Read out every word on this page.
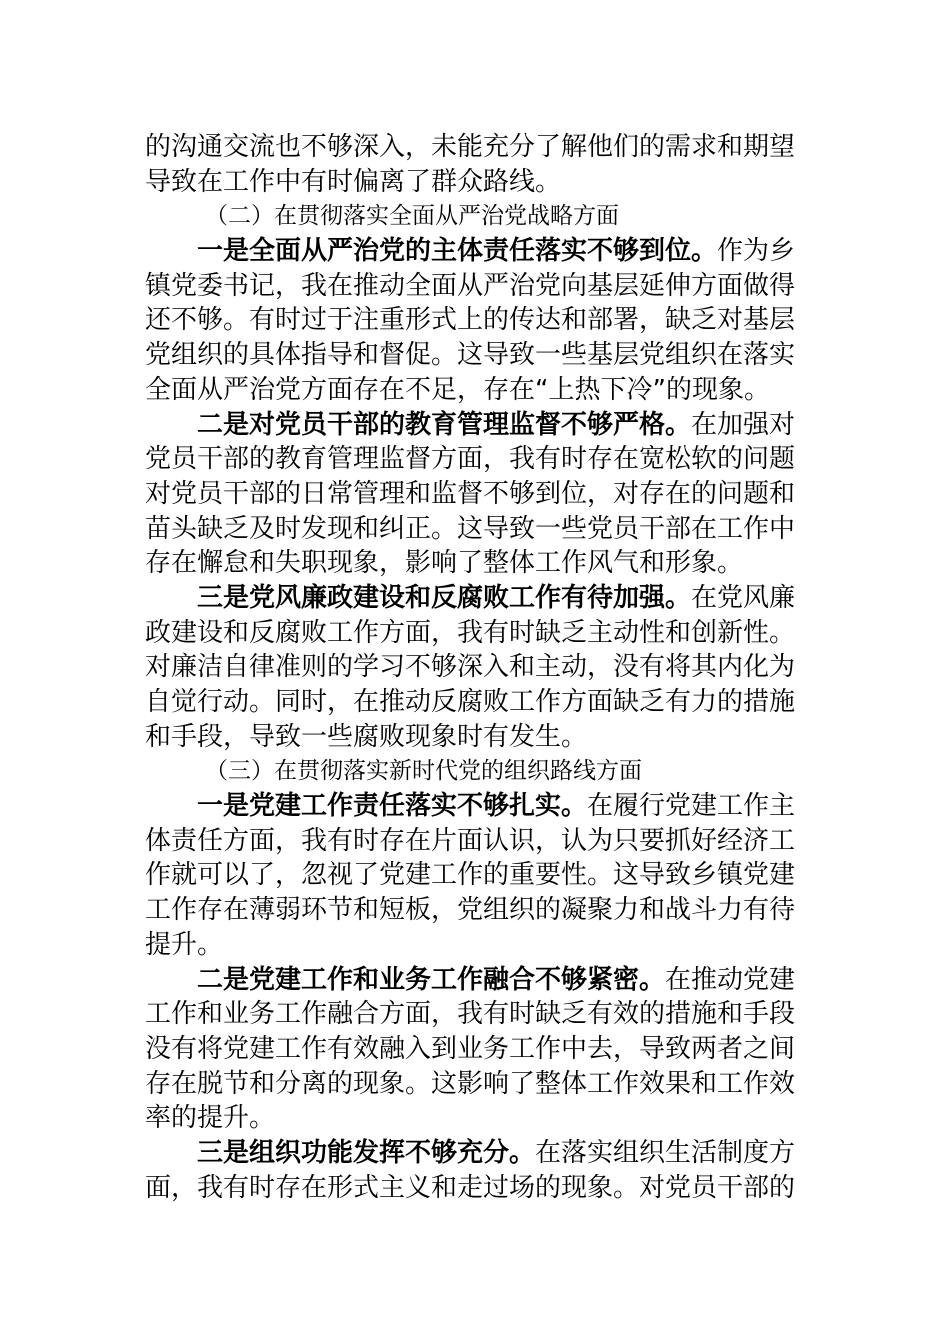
的沟通交流也不够深入，未能充分了解他们的需求和期望
导致在工作中有时偏离了群众路线。
（二）在贯彻落实全面从严治党战略方面
一是全面从严治党的主体责任落实不够到位。作为乡
镇党委书记，我在推动全面从严治党向基层延伸方面做得
还不够。有时过于注重形式上的传达和部署，缺乏对基层
党组织的具体指导和督促。这导致一些基层党组织在落实
全面从严治党方面存在不足，存在“上热下冷”的现象。
二是对党员干部的教育管理监督不够严格。在加强对
党员干部的教育管理监督方面，我有时存在宽松软的问题
对党员干部的日常管理和监督不够到位，对存在的问题和
苗头缺乏及时发现和纠正。这导致一些党员干部在工作中
存在懈怠和失职现象，影响了整体工作风气和形象。
三是党风廉政建设和反腐败工作有待加强。在党风廉
政建设和反腐败工作方面，我有时缺乏主动性和创新性。
对廉洁自律准则的学习不够深入和主动，没有将其内化为
自觉行动。同时，在推动反腐败工作方面缺乏有力的措施
和手段，导致一些腐败现象时有发生。
（三）在贯彻落实新时代党的组织路线方面
一是党建工作责任落实不够扎实。在履行党建工作主
体责任方面，我有时存在片面认识，认为只要抓好经济工
作就可以了，忽视了党建工作的重要性。这导致乡镇党建
工作存在薄弱环节和短板，党组织的凝聚力和战斗力有待
提升。
二是党建工作和业务工作融合不够紧密。在推动党建
工作和业务工作融合方面，我有时缺乏有效的措施和手段
没有将党建工作有效融入到业务工作中去，导致两者之间
存在脱节和分离的现象。这影响了整体工作效果和工作效
率的提升。
三是组织功能发挥不够充分。在落实组织生活制度方
面，我有时存在形式主义和走过场的现象。对党员干部的
